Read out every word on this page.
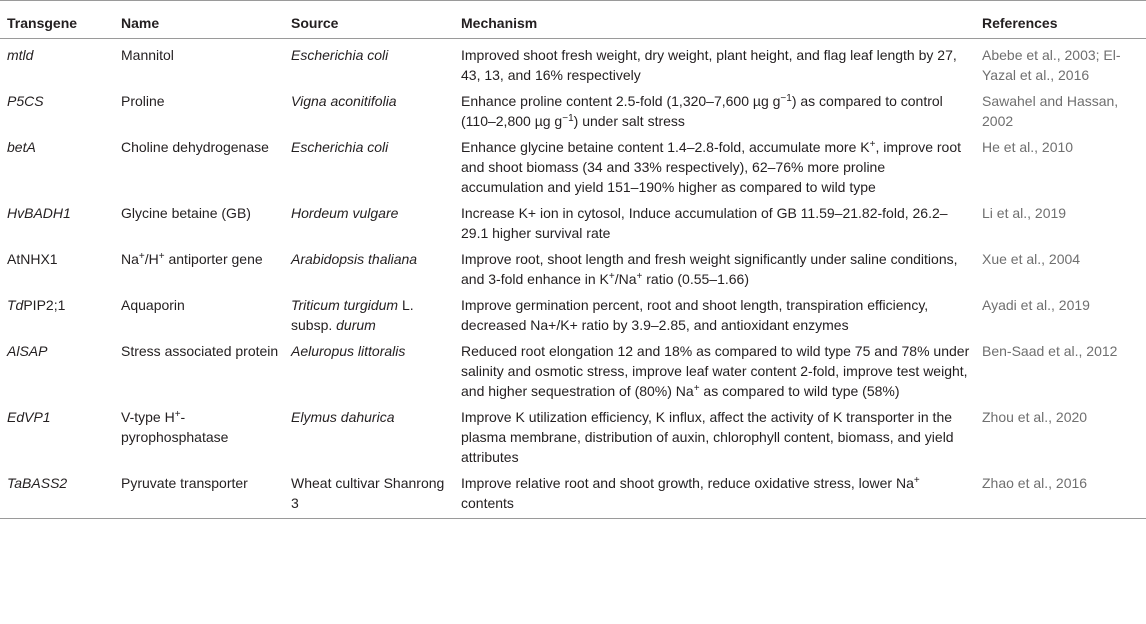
Transgene	Name	Source	Mechanism	References
mtld	Mannitol	Escherichia coli	Improved shoot fresh weight, dry weight, plant height, and flag leaf length by 27, 43, 13, and 16% respectively	Abebe et al., 2003; El-Yazal et al., 2016
P5CS	Proline	Vigna aconitifolia	Enhance proline content 2.5-fold (1,320–7,600 µg $g^{-1}$) as compared to control (110–2,800 µg $g^{-1}$) under salt stress	Sawahel and Hassan, 2002
betA	Choline dehydrogenase	Escherichia coli	Enhance glycine betaine content 1.4–2.8-fold, accumulate more K+, improve root and shoot biomass (34 and 33% respectively), 62–76% more proline accumulation and yield 151–190% higher as compared to wild type	He et al., 2010
HvBADH1	Glycine betaine (GB)	Hordeum vulgare	Increase K+ ion in cytosol, Induce accumulation of GB 11.59–21.82-fold, 26.2–29.1 higher survival rate	Li et al., 2019
AtNHX1	Na+/H+ antiporter gene	Arabidopsis thaliana	Improve root, shoot length and fresh weight significantly under saline conditions, and 3-fold enhance in K+/Na+ ratio (0.55–1.66)	Xue et al., 2004
TdPIP2;1	Aquaporin	Triticum turgidum L. subsp. durum	Improve germination percent, root and shoot length, transpiration efficiency, decreased Na+/K+ ratio by 3.9–2.85, and antioxidant enzymes	Ayadi et al., 2019
AlSAP	Stress associated protein	Aeluropus littoralis	Reduced root elongation 12 and 18% as compared to wild type 75 and 78% under salinity and osmotic stress, improve leaf water content 2-fold, improve test weight, and higher sequestration of (80%) Na+ as compared to wild type (58%)	Ben-Saad et al., 2012
EdVP1	V-type H+-pyrophosphatase	Elymus dahurica	Improve K utilization efficiency, K influx, affect the activity of K transporter in the plasma membrane, distribution of auxin, chlorophyll content, biomass, and yield attributes	Zhou et al., 2020
TaBASS2	Pyruvate transporter	Wheat cultivar Shanrong 3	Improve relative root and shoot growth, reduce oxidative stress, lower Na+ contents	Zhao et al., 2016
